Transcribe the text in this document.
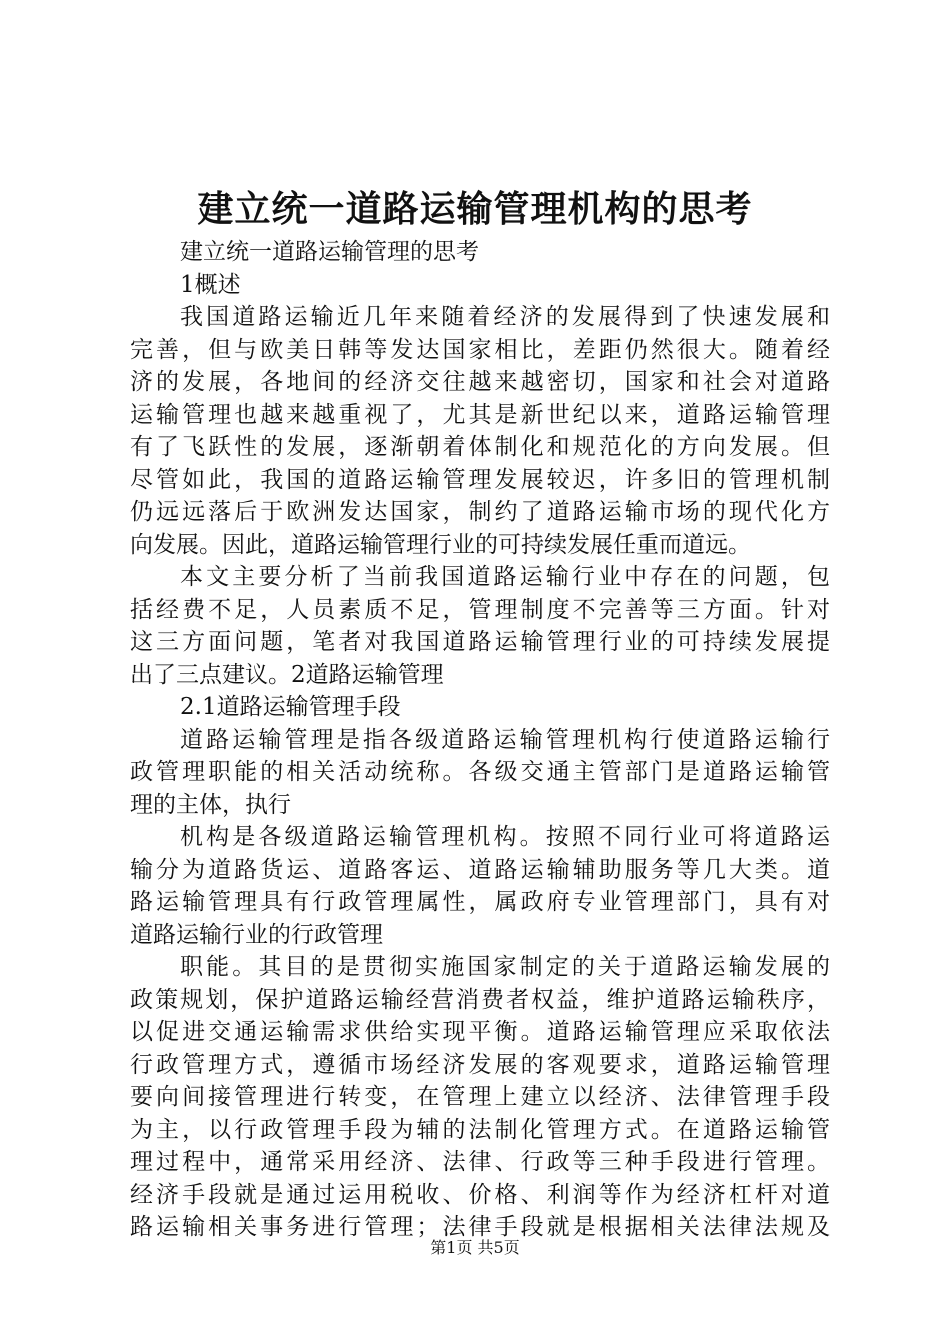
建立统一道路运输管理机构的思考
建立统一道路运输管理的思考
1概述
我国道路运输近几年来随着经济的发展得到了快速发展和
完善，但与欧美日韩等发达国家相比，差距仍然很大。随着经
济的发展，各地间的经济交往越来越密切，国家和社会对道路
运输管理也越来越重视了，尤其是新世纪以来，道路运输管理
有了飞跃性的发展，逐渐朝着体制化和规范化的方向发展。但
尽管如此，我国的道路运输管理发展较迟，许多旧的管理机制
仍远远落后于欧洲发达国家，制约了道路运输市场的现代化方
向发展。因此，道路运输管理行业的可持续发展任重而道远。
本文主要分析了当前我国道路运输行业中存在的问题，包
括经费不足，人员素质不足，管理制度不完善等三方面。针对
这三方面问题，笔者对我国道路运输管理行业的可持续发展提
出了三点建议。2道路运输管理
2.1道路运输管理手段
道路运输管理是指各级道路运输管理机构行使道路运输行
政管理职能的相关活动统称。各级交通主管部门是道路运输管
理的主体，执行
机构是各级道路运输管理机构。按照不同行业可将道路运
输分为道路货运、道路客运、道路运输辅助服务等几大类。道
路运输管理具有行政管理属性，属政府专业管理部门，具有对
道路运输行业的行政管理
职能。其目的是贯彻实施国家制定的关于道路运输发展的
政策规划，保护道路运输经营消费者权益，维护道路运输秩序，
以促进交通运输需求供给实现平衡。道路运输管理应采取依法
行政管理方式，遵循市场经济发展的客观要求，道路运输管理
要向间接管理进行转变，在管理上建立以经济、法律管理手段
为主，以行政管理手段为辅的法制化管理方式。在道路运输管
理过程中，通常采用经济、法律、行政等三种手段进行管理。
经济手段就是通过运用税收、价格、利润等作为经济杠杆对道
路运输相关事务进行管理；法律手段就是根据相关法律法规及
第1页 共5页
